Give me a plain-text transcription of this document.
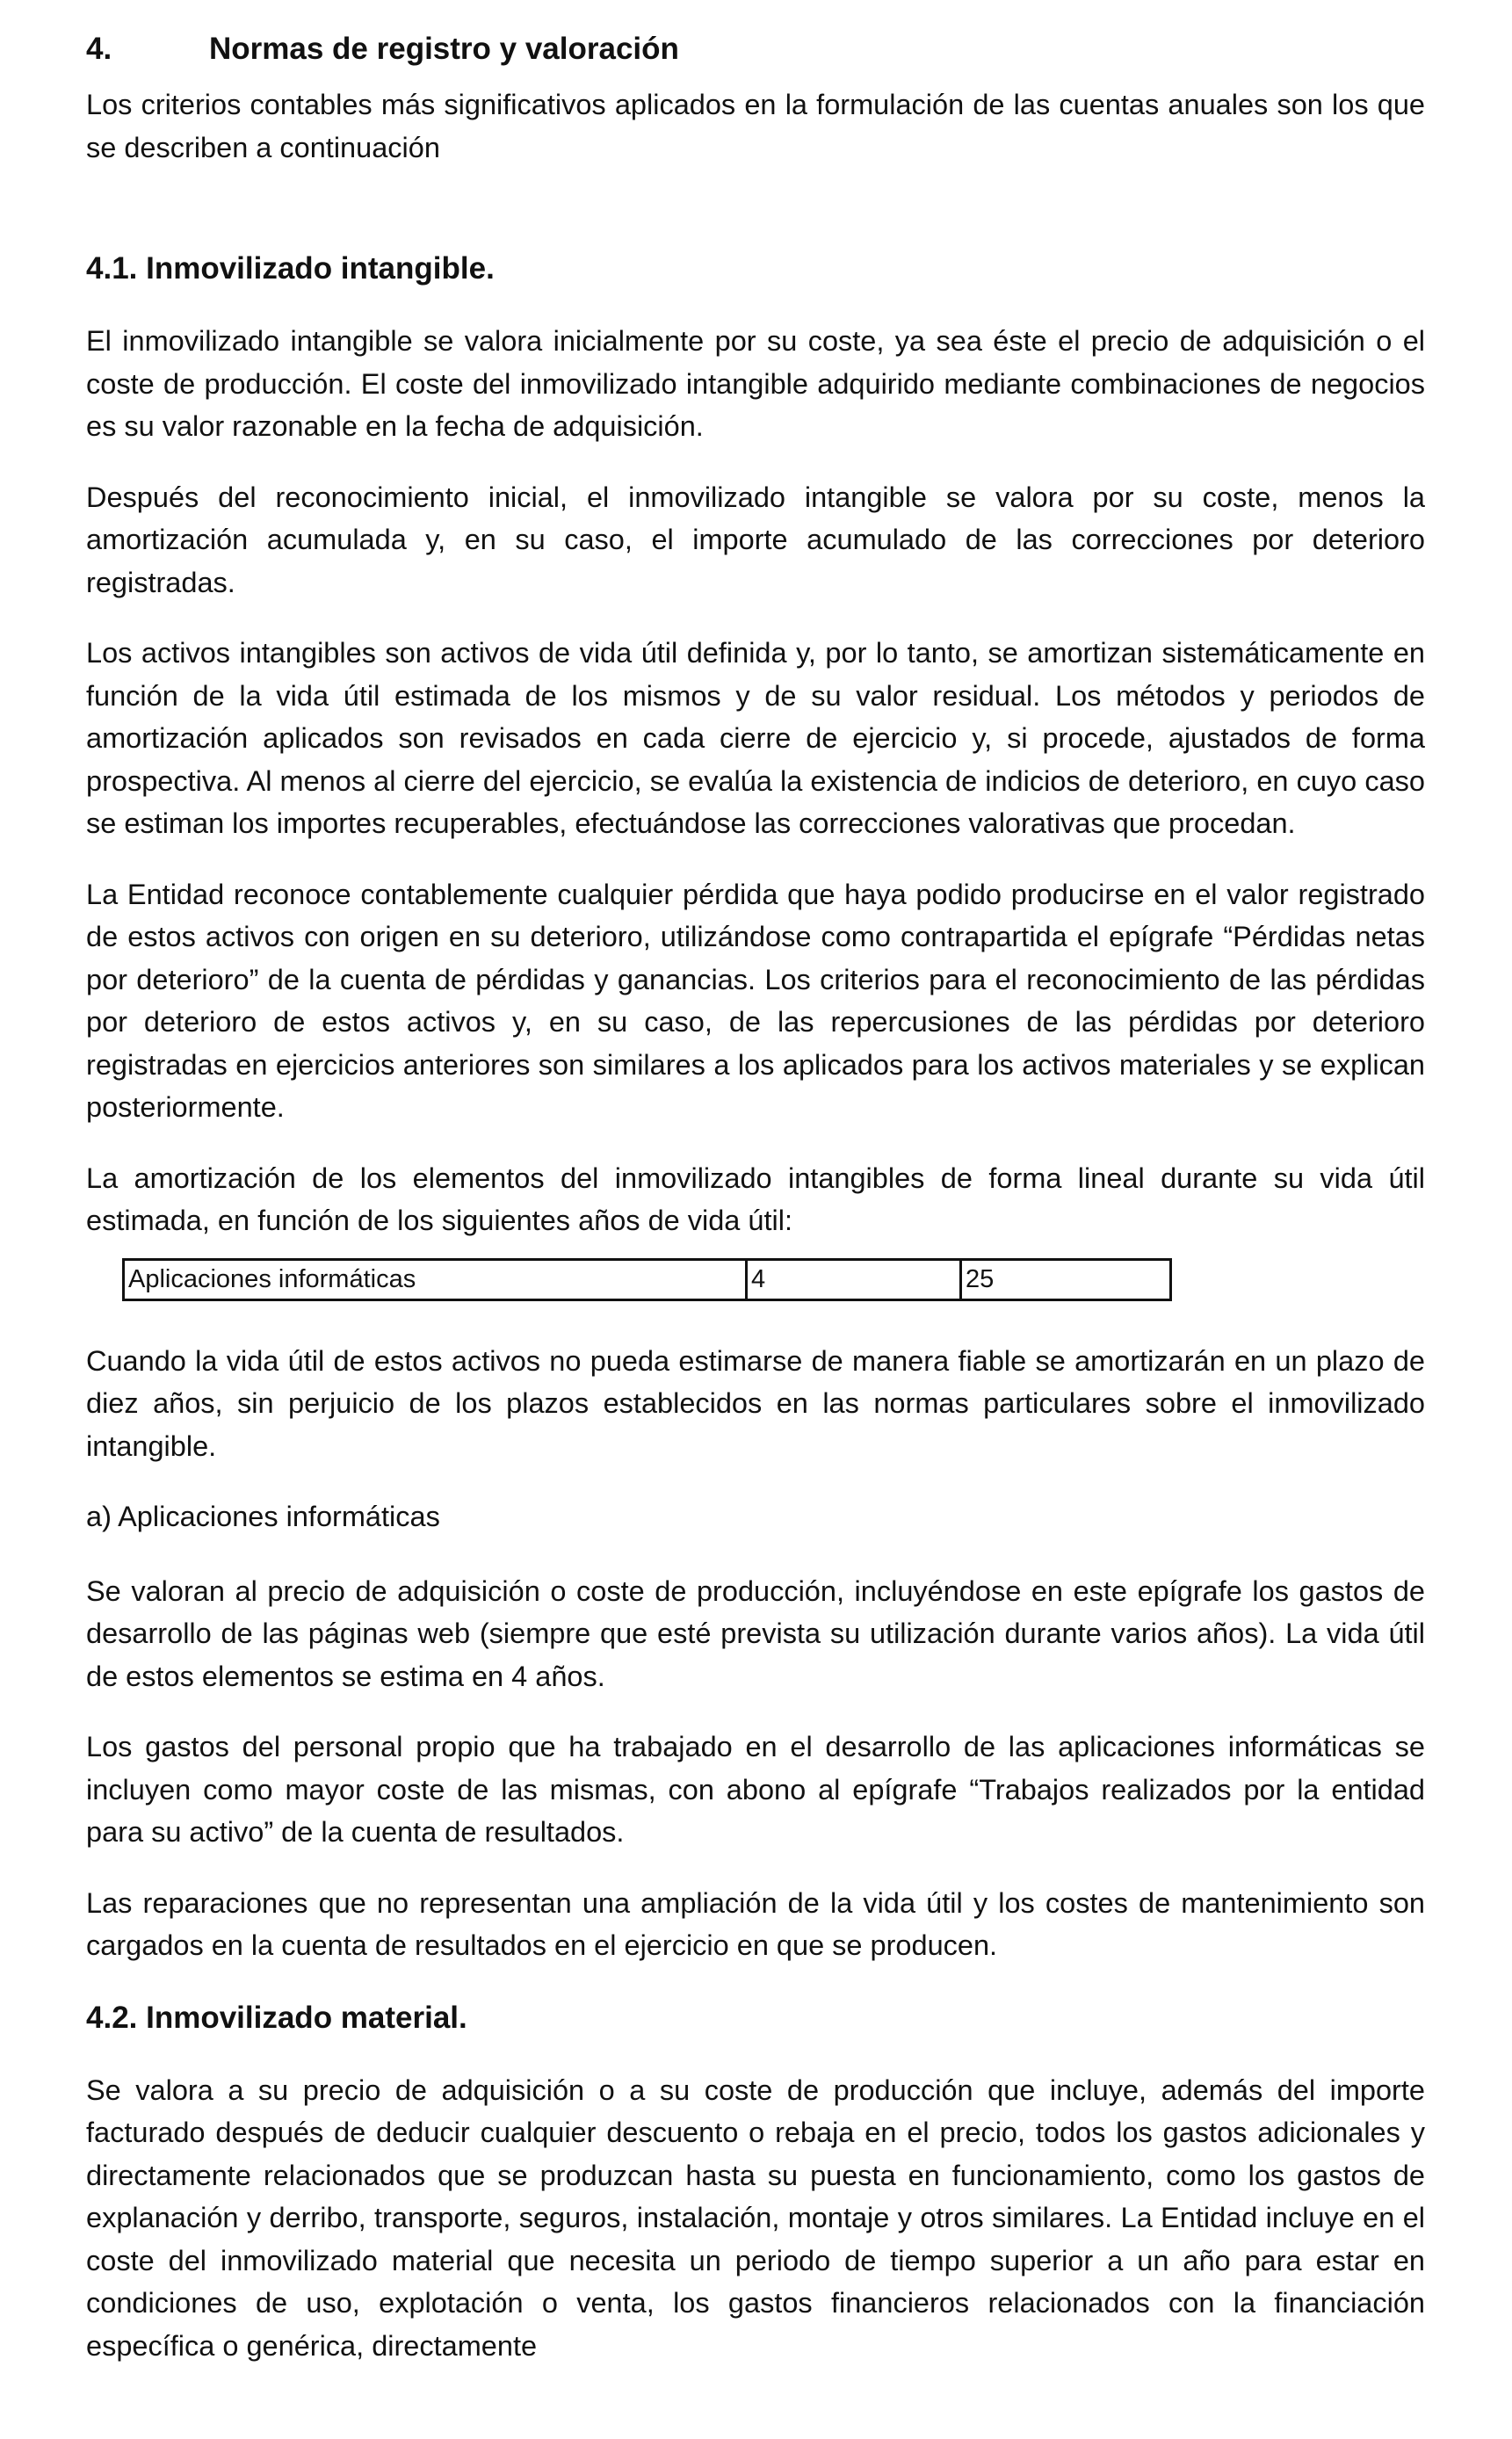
4.	Normas de registro y valoración

Los criterios contables más significativos aplicados en la formulación de las cuentas anuales son los que se describen a continuación

4.1. Inmovilizado intangible.

El inmovilizado intangible se valora inicialmente por su coste, ya sea éste el precio de adquisición o el coste de producción. El coste del inmovilizado intangible adquirido mediante combinaciones de negocios es su valor razonable en la fecha de adquisición.

Después del reconocimiento inicial, el inmovilizado intangible se valora por su coste, menos la amortización acumulada y, en su caso, el importe acumulado de las correcciones por deterioro registradas.

Los activos intangibles son activos de vida útil definida y, por lo tanto, se amortizan sistemáticamente en función de la vida útil estimada de los mismos y de su valor residual. Los métodos y periodos de amortización aplicados son revisados en cada cierre de ejercicio y, si procede, ajustados de forma prospectiva. Al menos al cierre del ejercicio, se evalúa la existencia de indicios de deterioro, en cuyo caso se estiman los importes recuperables, efectuándose las correcciones valorativas que procedan.

La Entidad reconoce contablemente cualquier pérdida que haya podido producirse en el valor registrado de estos activos con origen en su deterioro, utilizándose como contrapartida el epígrafe “Pérdidas netas por deterioro” de la cuenta de pérdidas y ganancias. Los criterios para el reconocimiento de las pérdidas por deterioro de estos activos y, en su caso, de las repercusiones de las pérdidas por deterioro registradas en ejercicios anteriores son similares a los aplicados para los activos materiales y se explican posteriormente.

La amortización de los elementos del inmovilizado intangibles de forma lineal durante su vida útil estimada, en función de los siguientes años de vida útil:

Aplicaciones informáticas	4	25

Cuando la vida útil de estos activos no pueda estimarse de manera fiable se amortizarán en un plazo de diez años, sin perjuicio de los plazos establecidos en las normas particulares sobre el inmovilizado intangible.

a) Aplicaciones informáticas

Se valoran al precio de adquisición o coste de producción, incluyéndose en este epígrafe los gastos de desarrollo de las páginas web (siempre que esté prevista su utilización durante varios años). La vida útil de estos elementos se estima en 4 años.

Los gastos del personal propio que ha trabajado en el desarrollo de las aplicaciones informáticas se incluyen como mayor coste de las mismas, con abono al epígrafe “Trabajos realizados por la entidad para su activo” de la cuenta de resultados.

Las reparaciones que no representan una ampliación de la vida útil y los costes de mantenimiento son cargados en la cuenta de resultados en el ejercicio en que se producen.

4.2. Inmovilizado material.

Se valora a su precio de adquisición o a su coste de producción que incluye, además del importe facturado después de deducir cualquier descuento o rebaja en el precio, todos los gastos adicionales y directamente relacionados que se produzcan hasta su puesta en funcionamiento, como los gastos de explanación y derribo, transporte, seguros, instalación, montaje y otros similares. La Entidad incluye en el coste del inmovilizado material que necesita un periodo de tiempo superior a un año para estar en condiciones de uso, explotación o venta, los gastos financieros relacionados con la financiación específica o genérica, directamente
